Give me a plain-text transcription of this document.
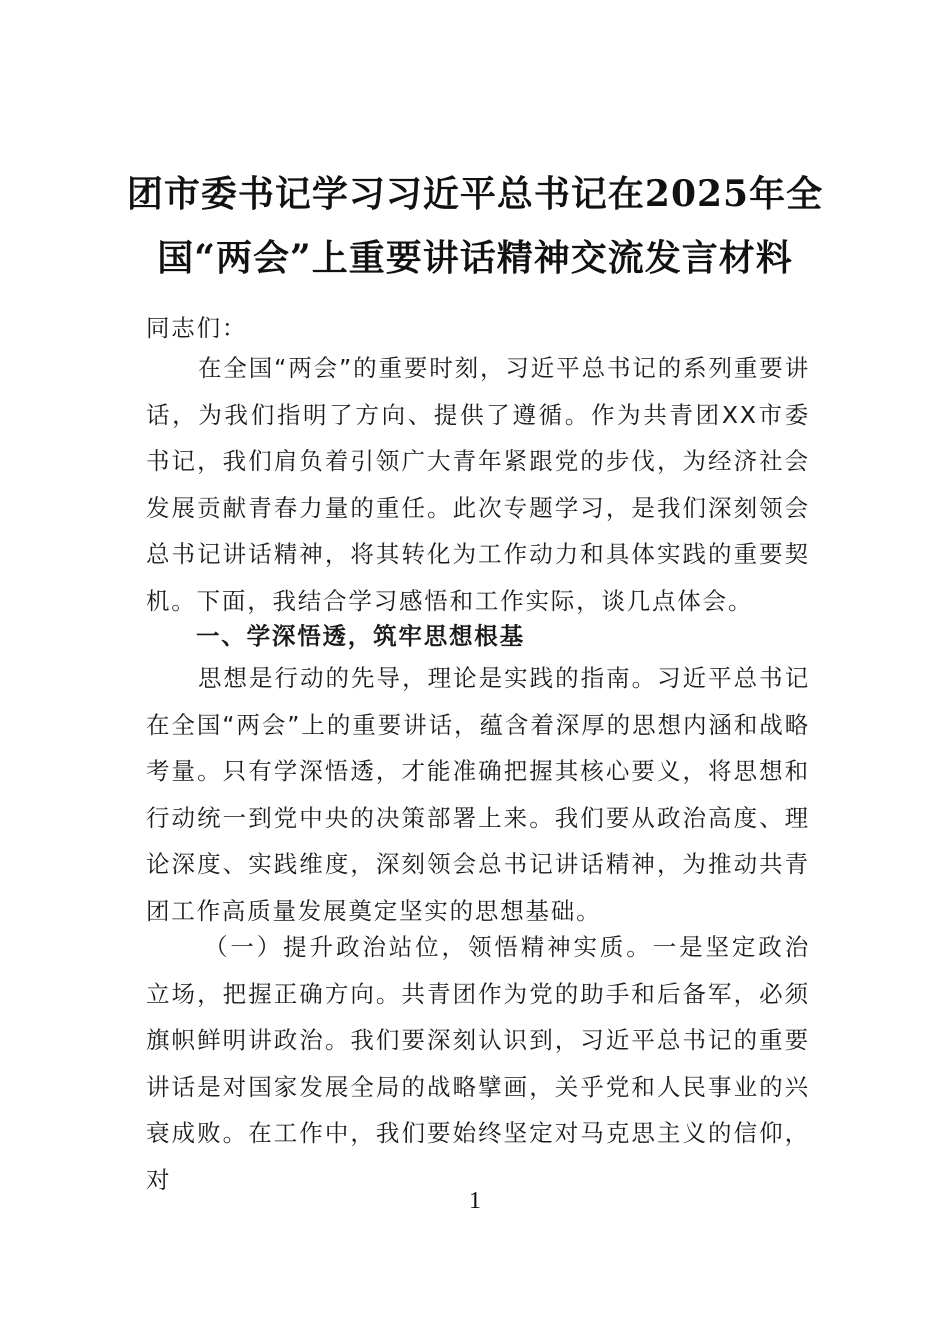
团市委书记学习习近平总书记在2025年全
国“两会”上重要讲话精神交流发言材料

同志们：

在全国“两会”的重要时刻，习近平总书记的系列重要讲话，为我们指明了方向、提供了遵循。作为共青团XX市委书记，我们肩负着引领广大青年紧跟党的步伐，为经济社会发展贡献青春力量的重任。此次专题学习，是我们深刻领会总书记讲话精神，将其转化为工作动力和具体实践的重要契机。下面，我结合学习感悟和工作实际，谈几点体会。

一、学深悟透，筑牢思想根基

思想是行动的先导，理论是实践的指南。习近平总书记在全国“两会”上的重要讲话，蕴含着深厚的思想内涵和战略考量。只有学深悟透，才能准确把握其核心要义，将思想和行动统一到党中央的决策部署上来。我们要从政治高度、理论深度、实践维度，深刻领会总书记讲话精神，为推动共青团工作高质量发展奠定坚实的思想基础。

（一）提升政治站位，领悟精神实质。一是坚定政治立场，把握正确方向。共青团作为党的助手和后备军，必须旗帜鲜明讲政治。我们要深刻认识到，习近平总书记的重要讲话是对国家发展全局的战略擘画，关乎党和人民事业的兴衰成败。在工作中，我们要始终坚定对马克思主义的信仰，对

1
